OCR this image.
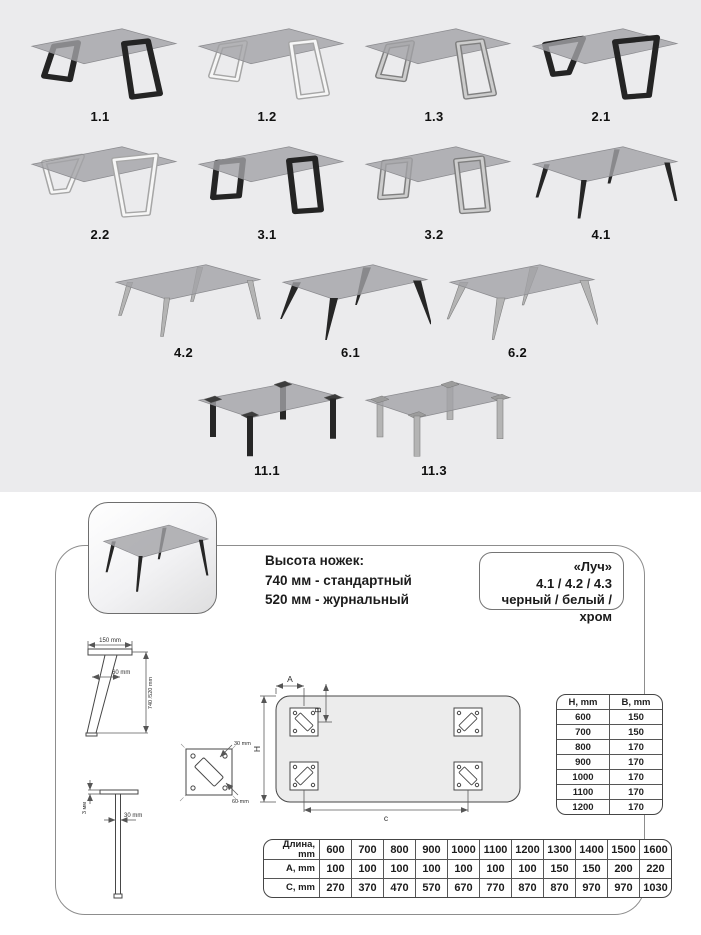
1.1	1.2	1.3	2.1
2.2	3.1	3.2	4.1
4.2	6.1	6.2
11.1	11.3
Высота ножек:
740 мм - стандартный
520 мм - журнальный
«Луч»
4.1 / 4.2 / 4.3
черный / белый / хром
150 mm
60 mm
740 /520 mm
30 mm
60 mm
3 мм
30 mm
A
B
H
c
H, mm	B, mm
600	150
700	150
800	170
900	170
1000	170
1100	170
1200	170
Длина,
mm	600	700	800	900	1000	1100	1200	1300	1400	1500	1600
A, mm	100	100	100	100	100	100	100	150	150	200	220
C, mm	270	370	470	570	670	770	870	870	970	970	1030
